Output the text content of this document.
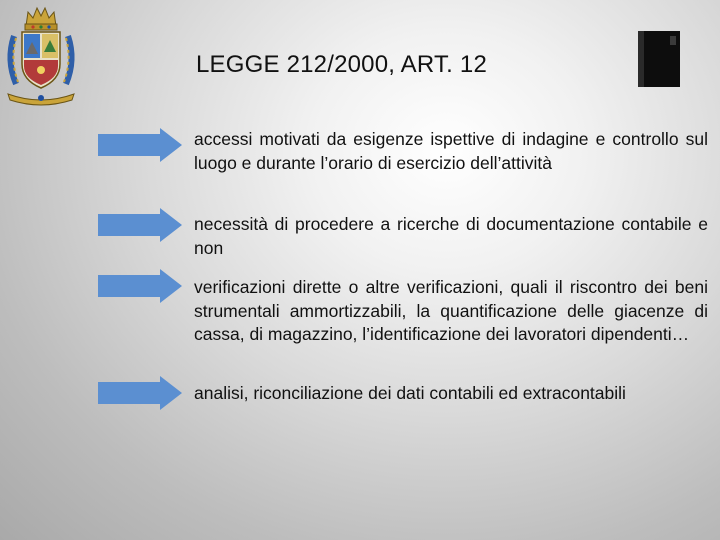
LEGGE 212/2000, ART. 12
accessi motivati da esigenze ispettive di indagine e controllo sul luogo e durante l’orario di esercizio dell’attività
necessità di procedere a ricerche di documentazione contabile e non
verificazioni dirette o altre verificazioni, quali il riscontro dei beni strumentali ammortizzabili, la quantificazione delle giacenze di cassa, di magazzino, l’identificazione dei lavoratori dipendenti…
analisi, riconciliazione dei dati contabili ed extracontabili
